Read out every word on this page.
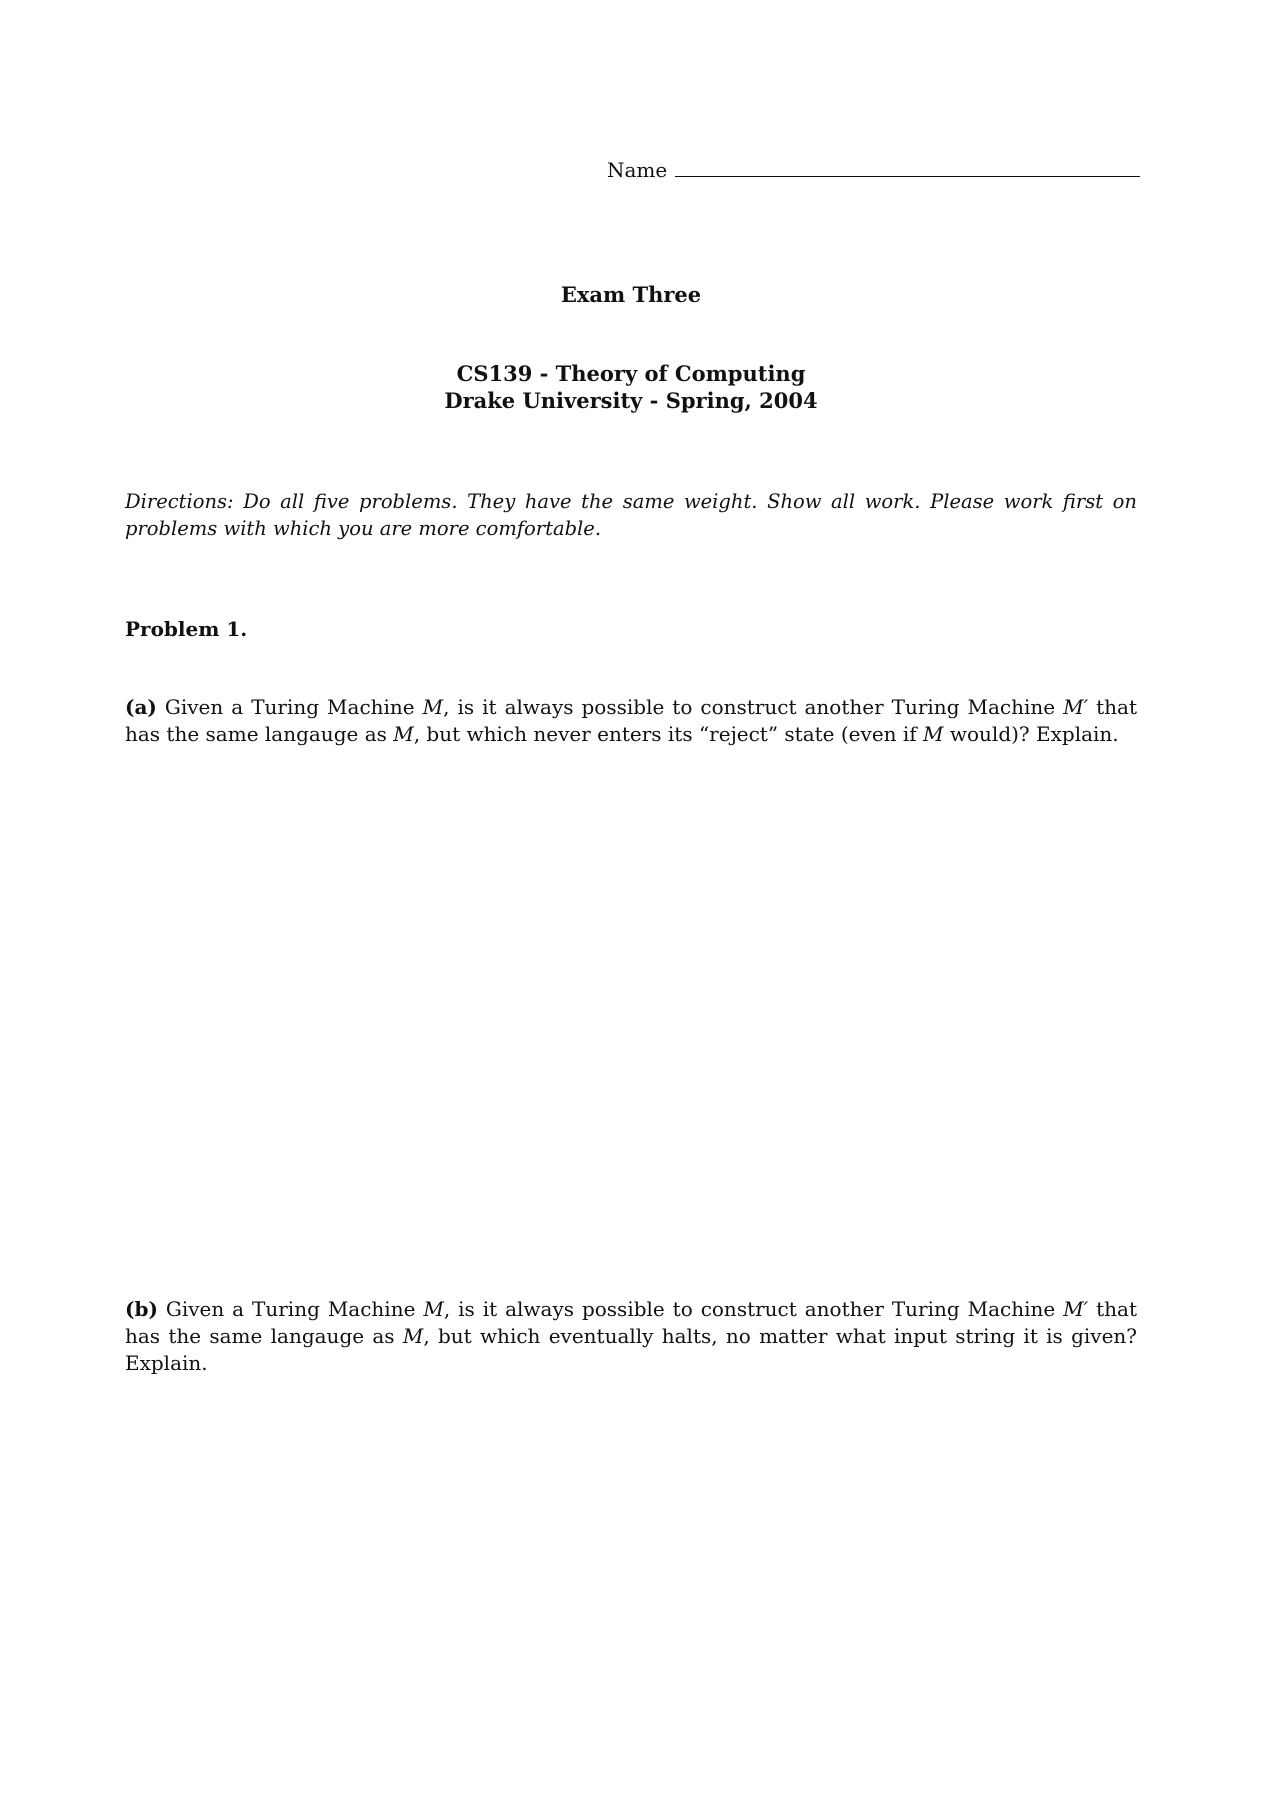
Name
Exam Three
CS139 - Theory of Computing
Drake University - Spring, 2004
Directions: Do all five problems. They have the same weight. Show all work. Please work first on problems with which you are more comfortable.
Problem 1.
(a) Given a Turing Machine M, is it always possible to construct another Turing Machine M′ that has the same langauge as M, but which never enters its “reject” state (even if M would)? Explain.
(b) Given a Turing Machine M, is it always possible to construct another Turing Machine M′ that has the same langauge as M, but which eventually halts, no matter what input string it is given? Explain.
